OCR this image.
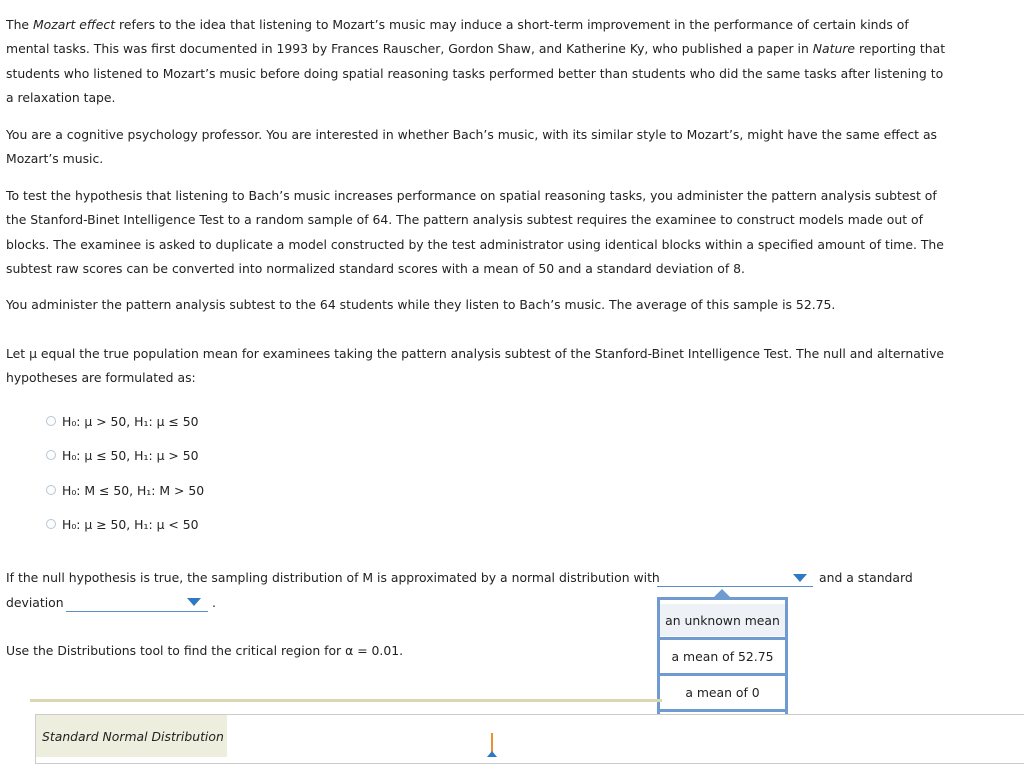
The Mozart effect refers to the idea that listening to Mozart’s music may induce a short-term improvement in the performance of certain kinds of mental tasks. This was first documented in 1993 by Frances Rauscher, Gordon Shaw, and Katherine Ky, who published a paper in Nature reporting that students who listened to Mozart’s music before doing spatial reasoning tasks performed better than students who did the same tasks after listening to a relaxation tape.

You are a cognitive psychology professor. You are interested in whether Bach’s music, with its similar style to Mozart’s, might have the same effect as Mozart’s music.

To test the hypothesis that listening to Bach’s music increases performance on spatial reasoning tasks, you administer the pattern analysis subtest of the Stanford-Binet Intelligence Test to a random sample of 64. The pattern analysis subtest requires the examinee to construct models made out of blocks. The examinee is asked to duplicate a model constructed by the test administrator using identical blocks within a specified amount of time. The subtest raw scores can be converted into normalized standard scores with a mean of 50 and a standard deviation of 8.

You administer the pattern analysis subtest to the 64 students while they listen to Bach’s music. The average of this sample is 52.75.

Let μ equal the true population mean for examinees taking the pattern analysis subtest of the Stanford-Binet Intelligence Test. The null and alternative hypotheses are formulated as:

H₀: μ > 50, H₁: μ ≤ 50
H₀: μ ≤ 50, H₁: μ > 50
H₀: M ≤ 50, H₁: M > 50
H₀: μ ≥ 50, H₁: μ < 50
If the null hypothesis is true, the sampling distribution of M is approximated by a normal distribution with	and a standard
deviation	.
an unknown mean
a mean of 52.75
a mean of 0
Use the Distributions tool to find the critical region for α = 0.01.
Standard Normal Distribution
